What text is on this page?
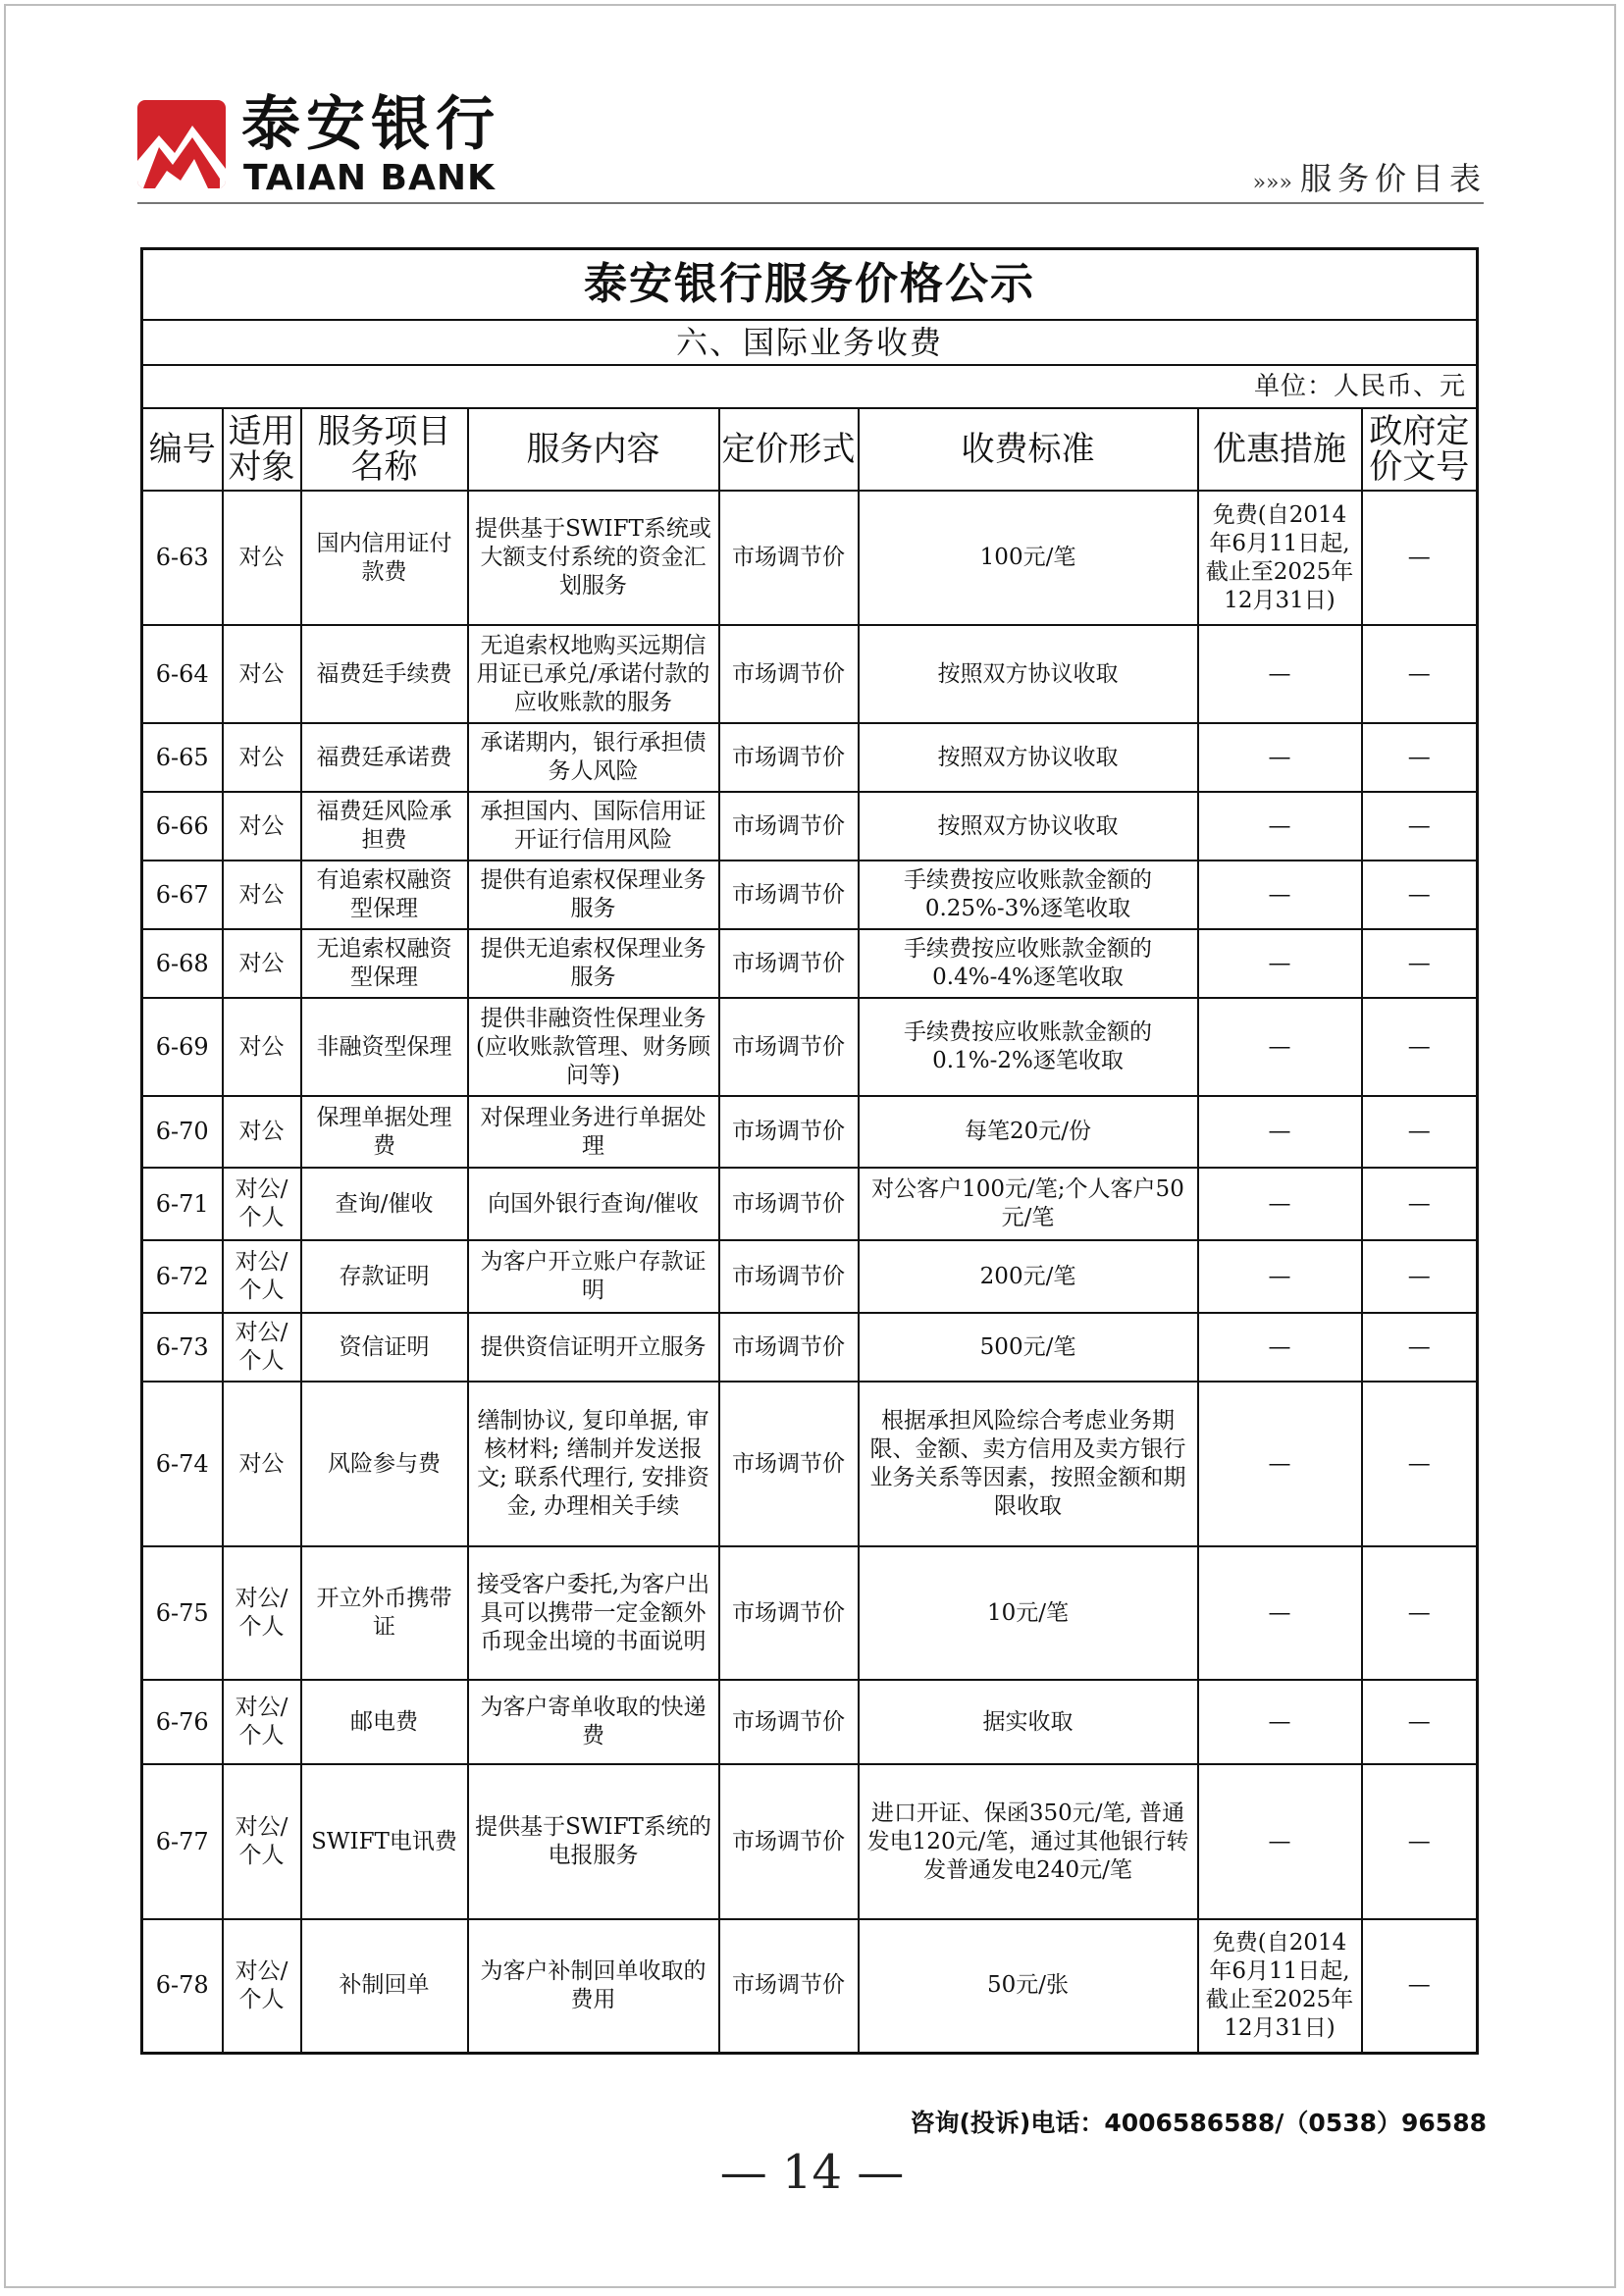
泰安银行
TAIAN BANK	»»» 服务价目表
泰安银行服务价格公示							
六、国际业务收费							
单位：人民币、元							
编号	适用对象	服务项目名称	服务内容	定价形式	收费标准	优惠措施	政府定价文号
6-63	对公	国内信用证付款费	提供基于SWIFT系统或大额支付系统的资金汇划服务	市场调节价	100元/笔	免费(自2014年6月11日起,截止至2025年12月31日)	—
6-64	对公	福费廷手续费	无追索权地购买远期信用证已承兑/承诺付款的应收账款的服务	市场调节价	按照双方协议收取	—	—
6-65	对公	福费廷承诺费	承诺期内，银行承担债务人风险	市场调节价	按照双方协议收取	—	—
6-66	对公	福费廷风险承担费	承担国内、国际信用证开证行信用风险	市场调节价	按照双方协议收取	—	—
6-67	对公	有追索权融资型保理	提供有追索权保理业务服务	市场调节价	手续费按应收账款金额的0.25%-3%逐笔收取	—	—
6-68	对公	无追索权融资型保理	提供无追索权保理业务服务	市场调节价	手续费按应收账款金额的0.4%-4%逐笔收取	—	—
6-69	对公	非融资型保理	提供非融资性保理业务(应收账款管理、财务顾问等)	市场调节价	手续费按应收账款金额的0.1%-2%逐笔收取	—	—
6-70	对公	保理单据处理费	对保理业务进行单据处理	市场调节价	每笔20元/份	—	—
6-71	对公/个人	查询/催收	向国外银行查询/催收	市场调节价	对公客户100元/笔;个人客户50元/笔	—	—
6-72	对公/个人	存款证明	为客户开立账户存款证明	市场调节价	200元/笔	—	—
6-73	对公/个人	资信证明	提供资信证明开立服务	市场调节价	500元/笔	—	—
6-74	对公	风险参与费	缮制协议, 复印单据, 审核材料; 缮制并发送报文; 联系代理行, 安排资金, 办理相关手续	市场调节价	根据承担风险综合考虑业务期限、金额、卖方信用及卖方银行业务关系等因素，按照金额和期限收取	—	—
6-75	对公/个人	开立外币携带证	接受客户委托,为客户出具可以携带一定金额外币现金出境的书面说明	市场调节价	10元/笔	—	—
6-76	对公/个人	邮电费	为客户寄单收取的快递费	市场调节价	据实收取	—	—
6-77	对公/个人	SWIFT电讯费	提供基于SWIFT系统的电报服务	市场调节价	进口开证、保函350元/笔, 普通发电120元/笔，通过其他银行转发普通发电240元/笔	—	—
6-78	对公/个人	补制回单	为客户补制回单收取的费用	市场调节价	50元/张	免费(自2014年6月11日起,截止至2025年12月31日)	—
咨询(投诉)电话：4006586588/（0538）96588
— 14 —
